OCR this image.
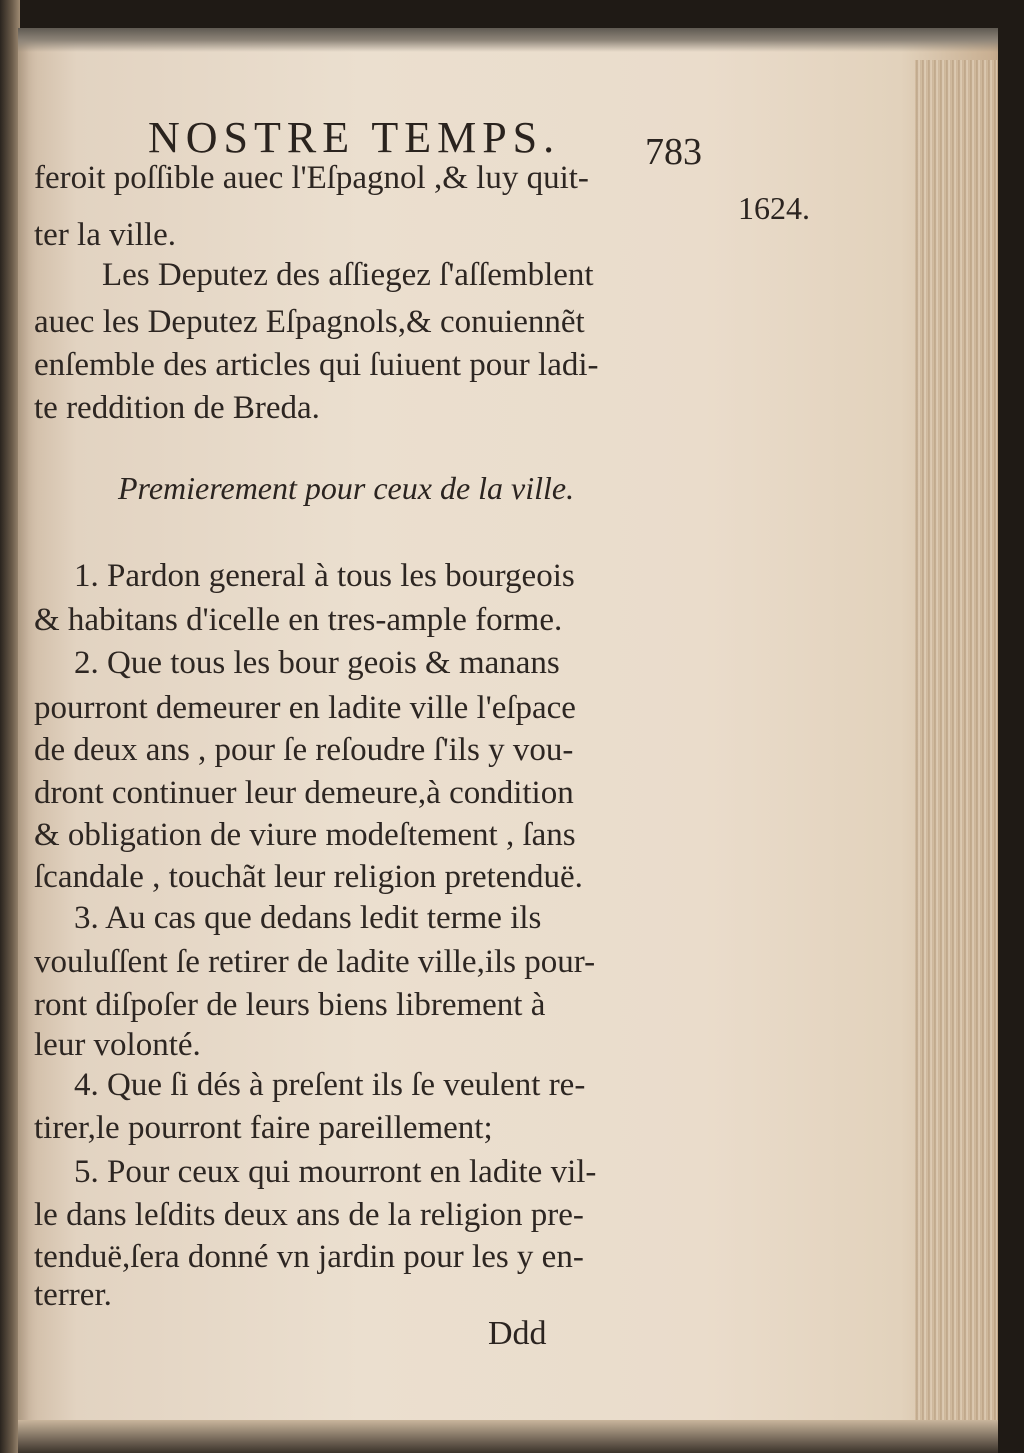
NOSTRE TEMPS. 783
1624.
feroit poſſible auec l'Eſpagnol ,& luy quit-
ter la ville.
Les Deputez des aſſiegez ſ'aſſemblent
auec les Deputez Eſpagnols,& conuiennẽt
enſemble des articles qui ſuiuent pour ladi-
te reddition de Breda.
Premierement pour ceux de la ville.
1. Pardon general à tous les bourgeois
& habitans d'icelle en tres-ample forme.
2. Que tous les bour geois & manans
pourront demeurer en ladite ville l'eſpace
de deux ans , pour ſe reſoudre ſ'ils y vou-
dront continuer leur demeure,à condition
& obligation de viure modeſtement , ſans
ſcandale , touchãt leur religion pretenduë.
3. Au cas que dedans ledit terme ils
vouluſſent ſe retirer de ladite ville,ils pour-
ront diſpoſer de leurs biens librement à
leur volonté.
4. Que ſi dés à preſent ils ſe veulent re-
tirer,le pourront faire pareillement;
5. Pour ceux qui mourront en ladite vil-
le dans leſdits deux ans de la religion pre-
tenduë,ſera donné vn jardin pour les y en-
terrer.
Ddd
